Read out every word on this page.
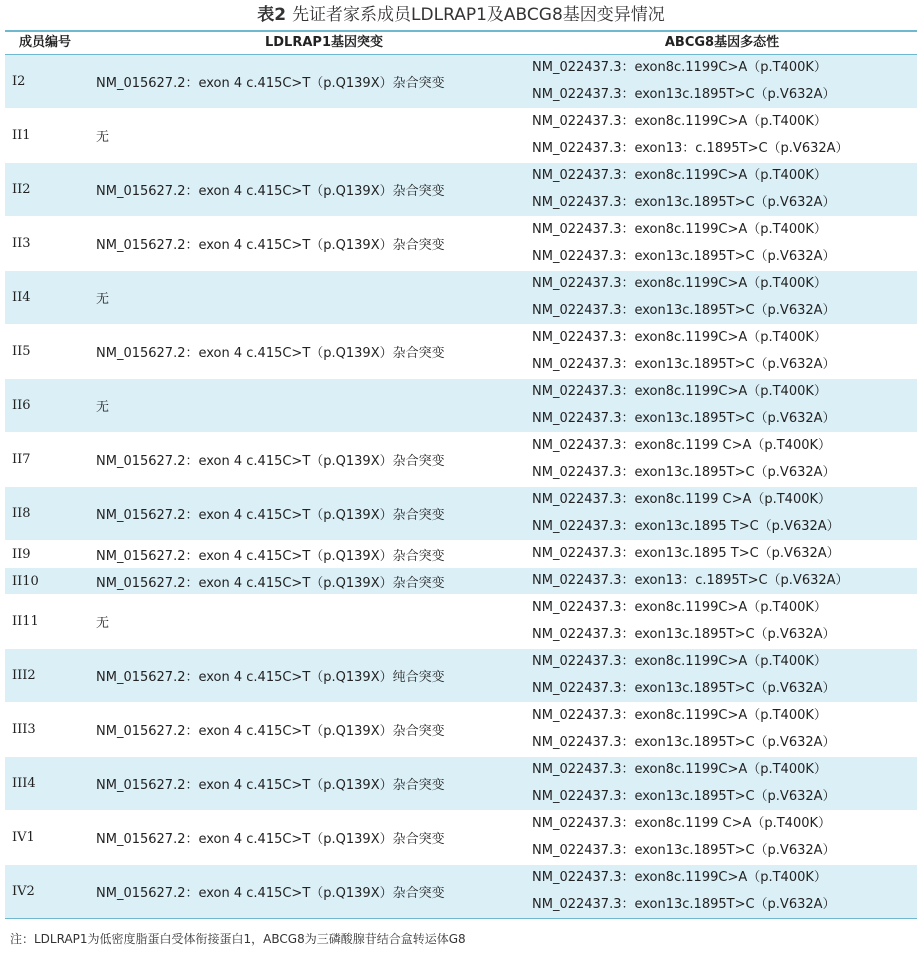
表2 先证者家系成员LDLRAP1及ABCG8基因变异情况
成员编号	LDLRAP1基因突变	ABCG8基因多态性
I2	NM_015627.2：exon 4 c.415C>T（p.Q139X）杂合突变	NM_022437.3：exon8c.1199C>A（p.T400K）
NM_022437.3：exon13c.1895T>C（p.V632A）

II1	无	NM_022437.3：exon8c.1199C>A（p.T400K）
NM_022437.3：exon13：c.1895T>C（p.V632A）

II2	NM_015627.2：exon 4 c.415C>T（p.Q139X）杂合突变	NM_022437.3：exon8c.1199C>A（p.T400K）
NM_022437.3：exon13c.1895T>C（p.V632A）

II3	NM_015627.2：exon 4 c.415C>T（p.Q139X）杂合突变	NM_022437.3：exon8c.1199C>A（p.T400K）
NM_022437.3：exon13c.1895T>C（p.V632A）

II4	无	NM_022437.3：exon8c.1199C>A（p.T400K）
NM_022437.3：exon13c.1895T>C（p.V632A）

II5	NM_015627.2：exon 4 c.415C>T（p.Q139X）杂合突变	NM_022437.3：exon8c.1199C>A（p.T400K）
NM_022437.3：exon13c.1895T>C（p.V632A）

II6	无	NM_022437.3：exon8c.1199C>A（p.T400K）
NM_022437.3：exon13c.1895T>C（p.V632A）

II7	NM_015627.2：exon 4 c.415C>T（p.Q139X）杂合突变	NM_022437.3：exon8c.1199 C>A（p.T400K）
NM_022437.3：exon13c.1895T>C（p.V632A）

II8	NM_015627.2：exon 4 c.415C>T（p.Q139X）杂合突变	NM_022437.3：exon8c.1199 C>A（p.T400K）
NM_022437.3：exon13c.1895 T>C（p.V632A）

II9	NM_015627.2：exon 4 c.415C>T（p.Q139X）杂合突变	NM_022437.3：exon13c.1895 T>C（p.V632A）

II10	NM_015627.2：exon 4 c.415C>T（p.Q139X）杂合突变	NM_022437.3：exon13：c.1895T>C（p.V632A）

II11	无	NM_022437.3：exon8c.1199C>A（p.T400K）
NM_022437.3：exon13c.1895T>C（p.V632A）

III2	NM_015627.2：exon 4 c.415C>T（p.Q139X）纯合突变	NM_022437.3：exon8c.1199C>A（p.T400K）
NM_022437.3：exon13c.1895T>C（p.V632A）

III3	NM_015627.2：exon 4 c.415C>T（p.Q139X）杂合突变	NM_022437.3：exon8c.1199C>A（p.T400K）
NM_022437.3：exon13c.1895T>C（p.V632A）

III4	NM_015627.2：exon 4 c.415C>T（p.Q139X）杂合突变	NM_022437.3：exon8c.1199C>A（p.T400K）
NM_022437.3：exon13c.1895T>C（p.V632A）

IV1	NM_015627.2：exon 4 c.415C>T（p.Q139X）杂合突变	NM_022437.3：exon8c.1199 C>A（p.T400K）
NM_022437.3：exon13c.1895T>C（p.V632A）

IV2	NM_015627.2：exon 4 c.415C>T（p.Q139X）杂合突变	NM_022437.3：exon8c.1199C>A（p.T400K）
NM_022437.3：exon13c.1895T>C（p.V632A）
注：LDLRAP1为低密度脂蛋白受体衔接蛋白1，ABCG8为三磷酸腺苷结合盒转运体G8
